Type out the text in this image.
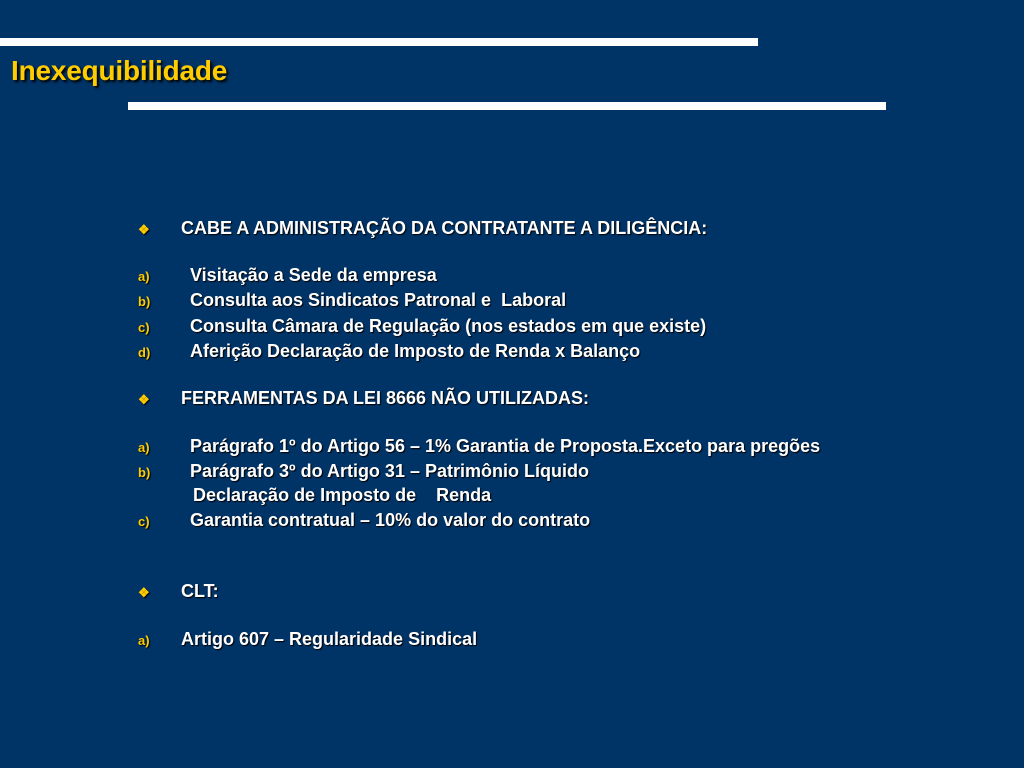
Inexequibilidade
❖ CABE A ADMINISTRAÇÃO DA CONTRATANTE A DILIGÊNCIA:
a) Visitação a Sede da empresa
b) Consulta aos Sindicatos Patronal e  Laboral
c) Consulta Câmara de Regulação (nos estados em que existe)
d) Aferição Declaração de Imposto de Renda x Balanço
❖ FERRAMENTAS DA LEI 8666 NÃO UTILIZADAS:
a) Parágrafo 1º do Artigo 56 – 1% Garantia de Proposta.Exceto para pregões
b) Parágrafo 3º do Artigo 31 – Patrimônio Líquido
Declaração de Imposto de    Renda
c) Garantia contratual – 10% do valor do contrato
❖ CLT:
a) Artigo 607 – Regularidade Sindical
